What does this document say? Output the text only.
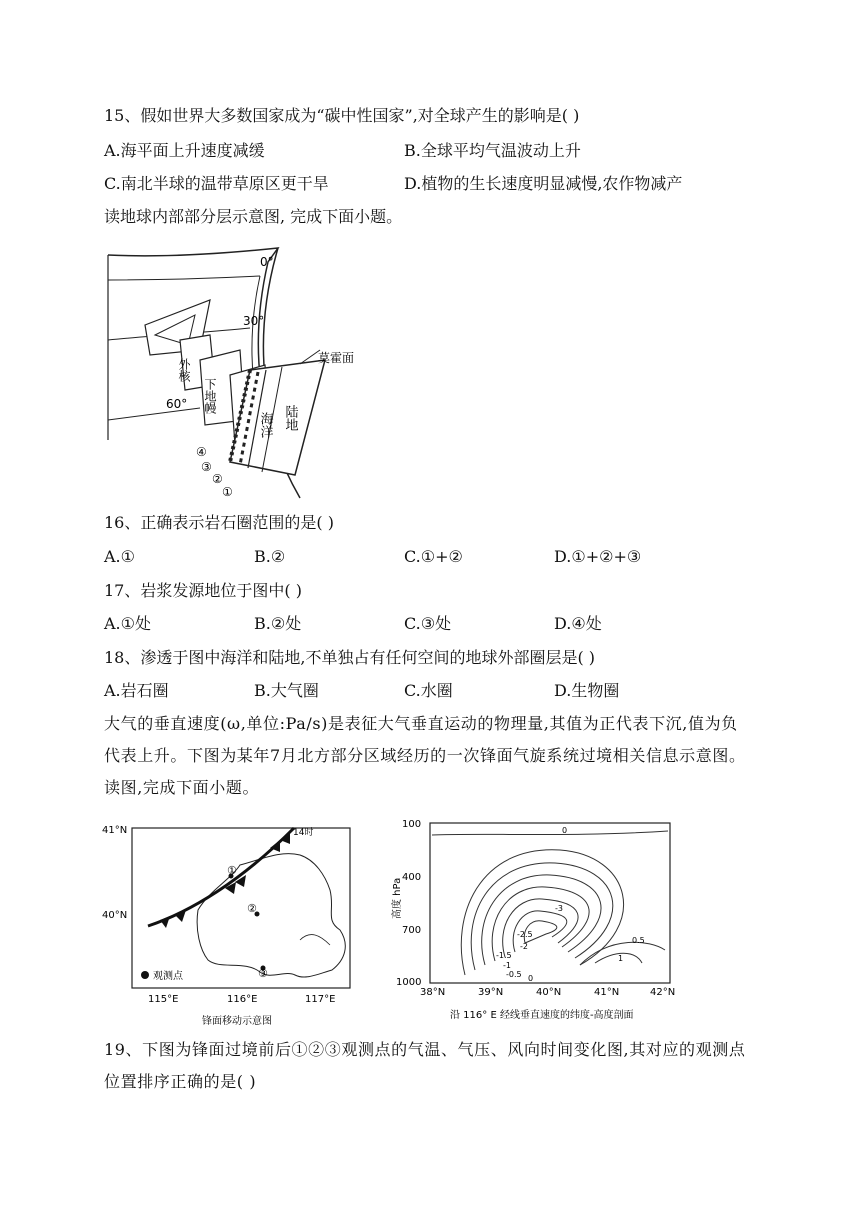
15、假如世界大多数国家成为“碳中性国家”,对全球产生的影响是( )
A.海平面上升速度减缓	B.全球平均气温波动上升
C.南北半球的温带草原区更干旱	D.植物的生长速度明显减慢,农作物减产
读地球内部部分层示意图, 完成下面小题。
0°
30°
60°
莫霍面
外核
下地幔
海洋 陆地
④
③
②
①
16、正确表示岩石圈范围的是( )
A.①	B.②	C.①+②	D.①+②+③
17、岩浆发源地位于图中( )
A.①处	B.②处	C.③处	D.④处
18、渗透于图中海洋和陆地,不单独占有任何空间的地球外部圈层是( )
A.岩石圈	B.大气圈	C.水圈	D.生物圈
大气的垂直速度(ω,单位:Pa/s)是表征大气垂直运动的物理量,其值为正代表下沉,值为负代表上升。下图为某年7月北方部分区域经历的一次锋面气旋系统过境相关信息示意图。读图,完成下面小题。
41°N
40°N
115°E	116°E	117°E
14时
①
②
③
观测点
锋面移动示意图
100
400
700
1000
高度 hPa
38°N	39°N	40°N	41°N	42°N
0
-3
-2.5
-2
-1.5
-1
-0.5 0
0.5
1
沿 116° E 经线垂直速度的纬度-高度剖面
19、下图为锋面过境前后①②③观测点的气温、气压、风向时间变化图,其对应的观测点位置排序正确的是( )
